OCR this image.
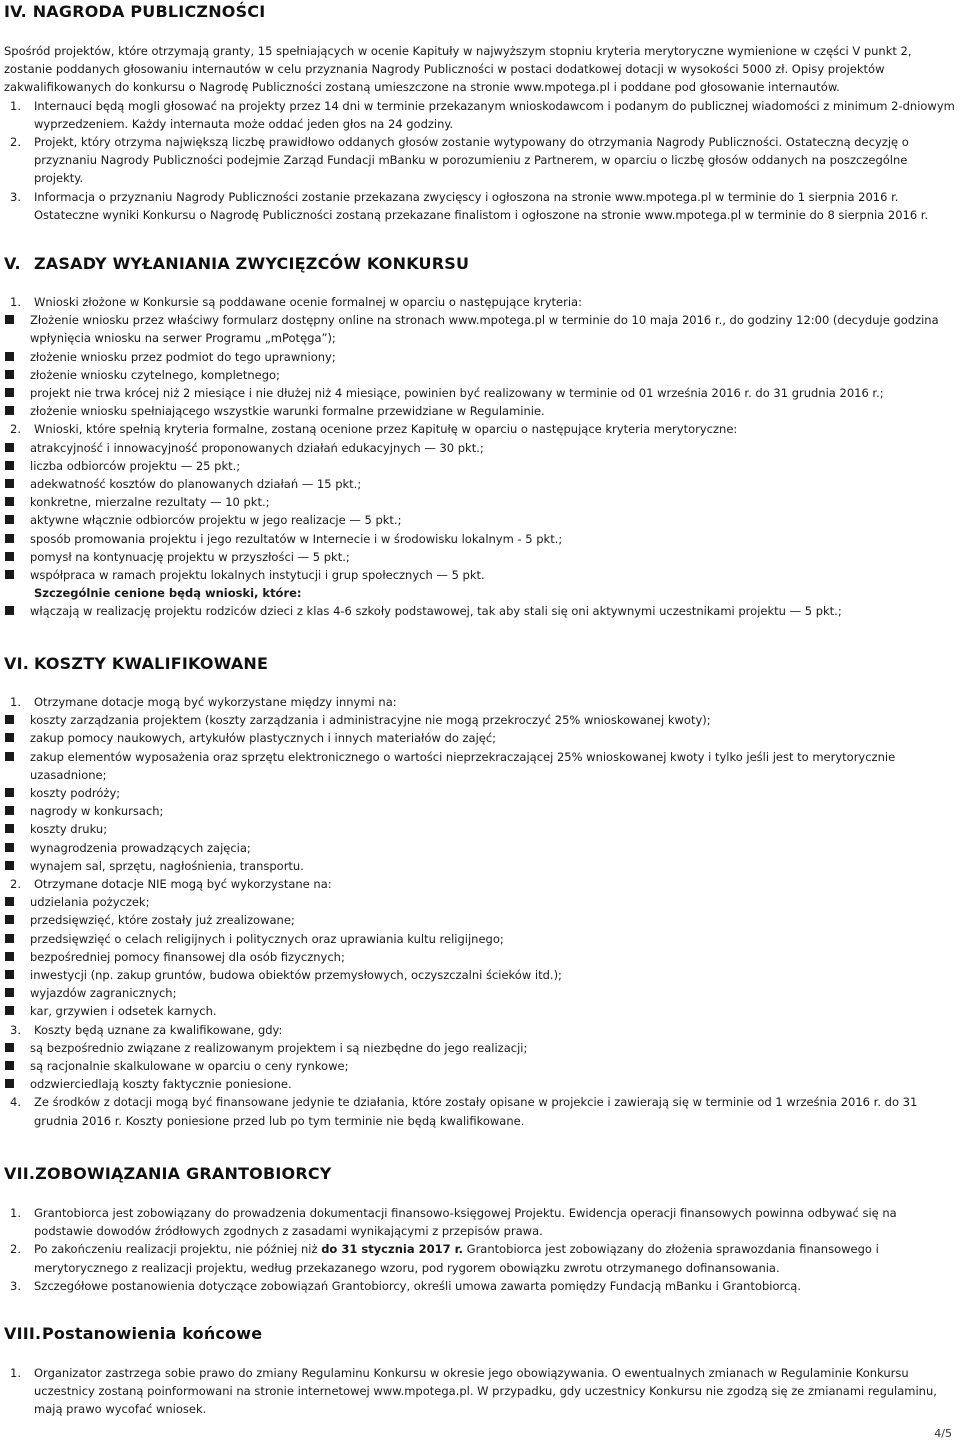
IV. NAGRODA PUBLICZNOŚCI

Spośród projektów, które otrzymają granty, 15 spełniających w ocenie Kapituły w najwyższym stopniu kryteria merytoryczne wymienione w części V punkt 2, zostanie poddanych głosowaniu internautów w celu przyznania Nagrody Publiczności w postaci dodatkowej dotacji w wysokości 5000 zł. Opisy projektów zakwalifikowanych do konkursu o Nagrodę Publiczności zostaną umieszczone na stronie www.mpotega.pl i poddane pod głosowanie internautów.

1. Internauci będą mogli głosować na projekty przez 14 dni w terminie przekazanym wnioskodawcom i podanym do publicznej wiadomości z minimum 2-dniowym wyprzedzeniem. Każdy internauta może oddać jeden głos na 24 godziny.
2. Projekt, który otrzyma największą liczbę prawidłowo oddanych głosów zostanie wytypowany do otrzymania Nagrody Publiczności. Ostateczną decyzję o przyznaniu Nagrody Publiczności podejmie Zarząd Fundacji mBanku w porozumieniu z Partnerem, w oparciu o liczbę głosów oddanych na poszczególne projekty.
3. Informacja o przyznaniu Nagrody Publiczności zostanie przekazana zwycięscy i ogłoszona na stronie www.mpotega.pl w terminie do 1 sierpnia 2016 r. Ostateczne wyniki Konkursu o Nagrodę Publiczności zostaną przekazane finalistom i ogłoszone na stronie www.mpotega.pl w terminie do 8 sierpnia 2016 r.
V. ZASADY WYŁANIANIA ZWYCIĘZCÓW KONKURSU
1. Wnioski złożone w Konkursie są poddawane ocenie formalnej w oparciu o następujące kryteria:
Złożenie wniosku przez właściwy formularz dostępny online na stronach www.mpotega.pl w terminie do 10 maja 2016 r., do godziny 12:00 (decyduje godzina wpłynięcia wniosku na serwer Programu „mPotęga”);
złożenie wniosku przez podmiot do tego uprawniony;
złożenie wniosku czytelnego, kompletnego;
projekt nie trwa krócej niż 2 miesiące i nie dłużej niż 4 miesiące, powinien być realizowany w terminie od 01 września 2016 r. do 31 grudnia 2016 r.;
złożenie wniosku spełniającego wszystkie warunki formalne przewidziane w Regulaminie.
2. Wnioski, które spełnią kryteria formalne, zostaną ocenione przez Kapitułę w oparciu o następujące kryteria merytoryczne:
atrakcyjność i innowacyjność proponowanych działań edukacyjnych — 30 pkt.;
liczba odbiorców projektu — 25 pkt.;
adekwatność kosztów do planowanych działań — 15 pkt.;
konkretne, mierzalne rezultaty — 10 pkt.;
aktywne włącznie odbiorców projektu w jego realizacje — 5 pkt.;
sposób promowania projektu i jego rezultatów w Internecie i w środowisku lokalnym - 5 pkt.;
pomysł na kontynuację projektu w przyszłości — 5 pkt.;
współpraca w ramach projektu lokalnych instytucji i grup społecznych — 5 pkt.
Szczególnie cenione będą wnioski, które:
włączają w realizację projektu rodziców dzieci z klas 4-6 szkoły podstawowej, tak aby stali się oni aktywnymi uczestnikami projektu — 5 pkt.;
VI. KOSZTY KWALIFIKOWANE
1. Otrzymane dotacje mogą być wykorzystane między innymi na:
koszty zarządzania projektem (koszty zarządzania i administracyjne nie mogą przekroczyć 25% wnioskowanej kwoty);
zakup pomocy naukowych, artykułów plastycznych i innych materiałów do zajęć;
zakup elementów wyposażenia oraz sprzętu elektronicznego o wartości nieprzekraczającej 25% wnioskowanej kwoty i tylko jeśli jest to merytorycznie uzasadnione;
koszty podróży;
nagrody w konkursach;
koszty druku;
wynagrodzenia prowadzących zajęcia;
wynajem sal, sprzętu, nagłośnienia, transportu.
2. Otrzymane dotacje NIE mogą być wykorzystane na:
udzielania pożyczek;
przedsięwzięć, które zostały już zrealizowane;
przedsięwzięć o celach religijnych i politycznych oraz uprawiania kultu religijnego;
bezpośredniej pomocy finansowej dla osób fizycznych;
inwestycji (np. zakup gruntów, budowa obiektów przemysłowych, oczyszczalni ścieków itd.);
wyjazdów zagranicznych;
kar, grzywien i odsetek karnych.
3. Koszty będą uznane za kwalifikowane, gdy:
są bezpośrednio związane z realizowanym projektem i są niezbędne do jego realizacji;
są racjonalnie skalkulowane w oparciu o ceny rynkowe;
odzwierciedlają koszty faktycznie poniesione.
4. Ze środków z dotacji mogą być finansowane jedynie te działania, które zostały opisane w projekcie i zawierają się w terminie od 1 września 2016 r. do 31 grudnia 2016 r. Koszty poniesione przed lub po tym terminie nie będą kwalifikowane.
VII. ZOBOWIĄZANIA GRANTOBIORCY
1. Grantobiorca jest zobowiązany do prowadzenia dokumentacji finansowo-księgowej Projektu. Ewidencja operacji finansowych powinna odbywać się na podstawie dowodów źródłowych zgodnych z zasadami wynikającymi z przepisów prawa.
2. Po zakończeniu realizacji projektu, nie później niż do 31 stycznia 2017 r. Grantobiorca jest zobowiązany do złożenia sprawozdania finansowego i merytorycznego z realizacji projektu, według przekazanego wzoru, pod rygorem obowiązku zwrotu otrzymanego dofinansowania.
3. Szczegółowe postanowienia dotyczące zobowiązań Grantobiorcy, określi umowa zawarta pomiędzy Fundacją mBanku i Grantobiorcą.
VIII. Postanowienia końcowe
1. Organizator zastrzega sobie prawo do zmiany Regulaminu Konkursu w okresie jego obowiązywania. O ewentualnych zmianach w Regulaminie Konkursu uczestnicy zostaną poinformowani na stronie internetowej www.mpotega.pl. W przypadku, gdy uczestnicy Konkursu nie zgodzą się ze zmianami regulaminu, mają prawo wycofać wniosek.
4/5
